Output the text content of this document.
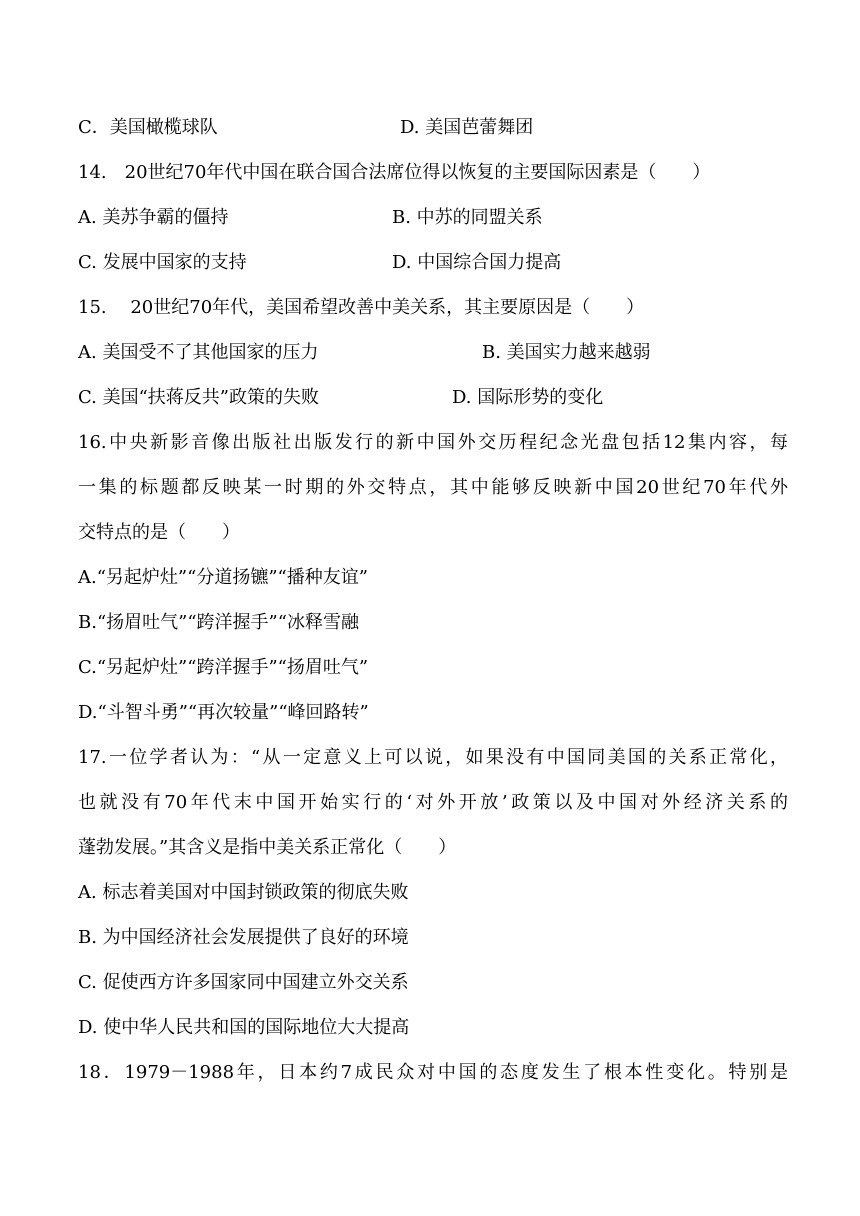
C．美国橄榄球队	D. 美国芭蕾舞团
14.　20世纪70年代中国在联合国合法席位得以恢复的主要国际因素是（　　）
A. 美苏争霸的僵持	B. 中苏的同盟关系
C. 发展中国家的支持	D. 中国综合国力提高
15.　 20世纪70年代，美国希望改善中美关系，其主要原因是（　　）
A. 美国受不了其他国家的压力	B. 美国实力越来越弱
C. 美国“扶蒋反共”政策的失败	D. 国际形势的变化
16.中央新影音像出版社出版发行的新中国外交历程纪念光盘包括12集内容，每
一集的标题都反映某一时期的外交特点，其中能够反映新中国20世纪70年代外
交特点的是（　　）
A.“另起炉灶”“分道扬镳”“播种友谊”
B.“扬眉吐气”“跨洋握手”“冰释雪融
C.“另起炉灶”“跨洋握手”“扬眉吐气”
D.“斗智斗勇”“再次较量”“峰回路转”
17.一位学者认为：“从一定意义上可以说，如果没有中国同美国的关系正常化，
也就没有70年代末中国开始实行的‘对外开放’政策以及中国对外经济关系的
蓬勃发展。”其含义是指中美关系正常化（　　）
A. 标志着美国对中国封锁政策的彻底失败
B. 为中国经济社会发展提供了良好的环境
C. 促使西方许多国家同中国建立外交关系
D. 使中华人民共和国的国际地位大大提高
18．1979－1988年，日本约7成民众对中国的态度发生了根本性变化。特别是
